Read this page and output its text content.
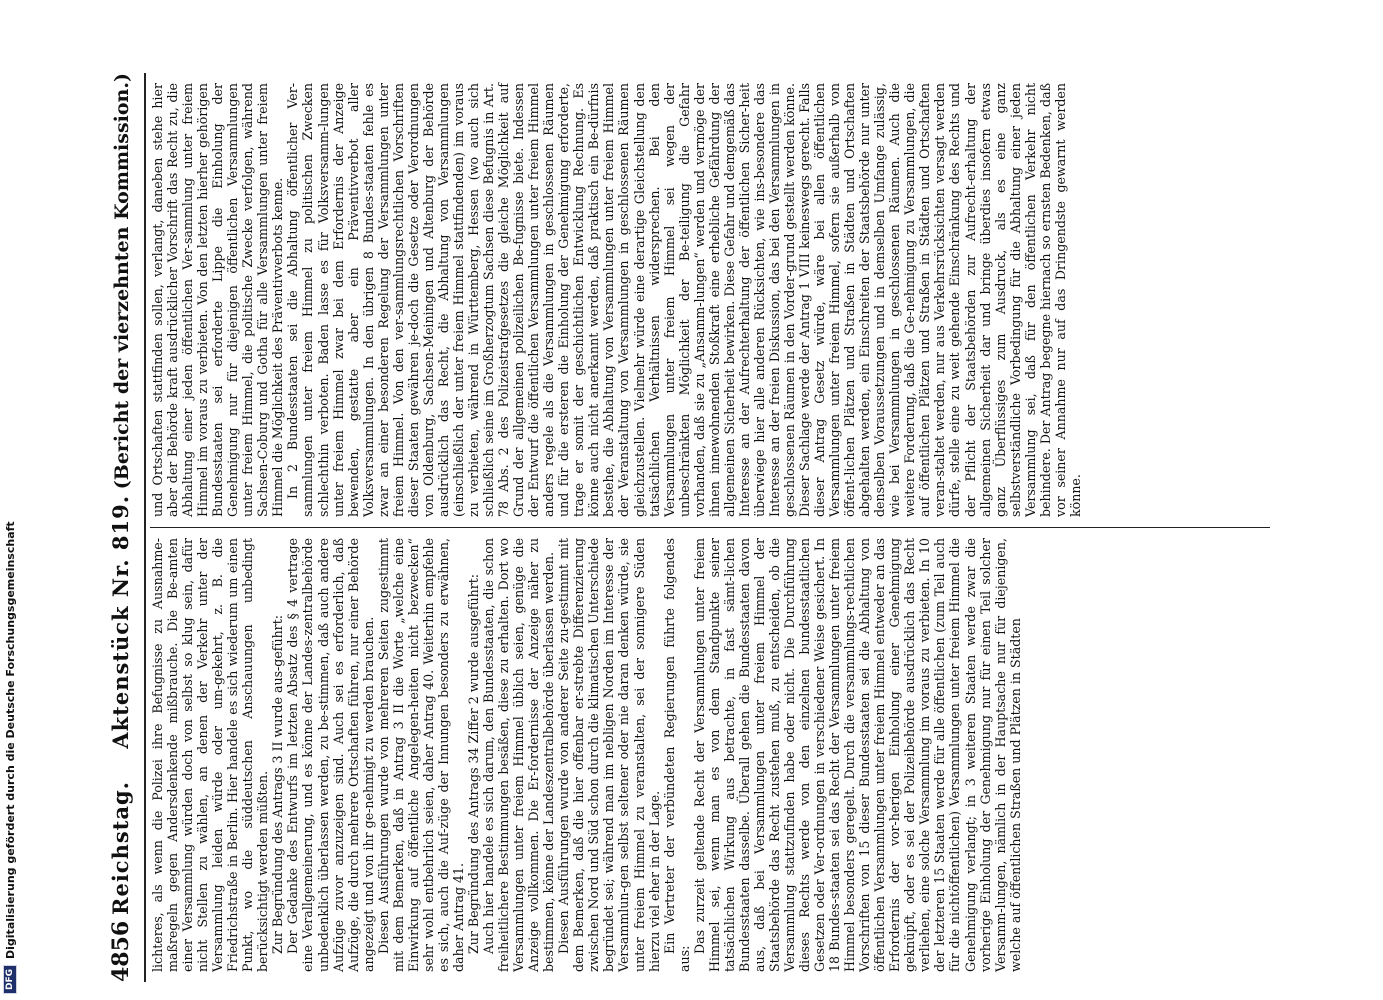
DFG
Digitalisierung gefördert durch die Deutsche Forschungsgemeinschaft	4856
Reichstag. Aktenstück Nr. 819.
(Bericht der vierzehnten Kommission.)

lichteres, als wenn die Polizei ihre Befugnisse zu Ausnahme-maßregeln gegen Andersdenkende mißbrauche. Die Be-amten einer Versammlung würden doch von selbst so klug sein, dafür nicht Stellen zu wählen, an denen der Verkehr unter der Versammlung leiden würde oder um-gekehrt, z. B. die Friedrichstraße in Berlin. Hier handele es sich wiederum um einen Punkt, wo die süddeutschen Anschauungen unbedingt berücksichtigt werden müßten. Zur Begründung des Antrags 3 II wurde aus-geführt: Der Gedanke des Entwurfs im letzten Absatz des § 4 vertrage eine Verallgemeinerung, und es könne der Landes-zentralbehörde unbedenklich überlassen werden, zu be-stimmen, daß auch andere Aufzüge zuvor anzuzeigen sind. Auch sei es erforderlich, daß Aufzüge, die durch mehrere Ortschaften führen, nur einer Behörde angezeigt und von ihr ge-nehmigt zu werden brauchen. Diesen Ausführungen wurde von mehreren Seiten zugestimmt mit dem Bemerken, daß in Antrag 3 II die Worte „welche eine Einwirkung auf öffentliche Angelegen-heiten nicht bezwecken“ sehr wohl entbehrlich seien, daher Antrag 40. Weiterhin empfehle es sich, auch die Auf-züge der Innungen besonders zu erwähnen, daher Antrag 41. Zur Begründung des Antrags 34 Ziffer 2 wurde ausgeführt: Auch hier handele es sich darum, den Bundesstaaten, die schon freiheitlichere Bestimmungen besäßen, diese zu erhalten. Dort wo Versammlungen unter freiem Himmel üblich seien, genüge die Anzeige vollkommen. Die Er-fordernisse der Anzeige näher zu bestimmen, könne der Landeszentralbehörde überlassen werden. Diesen Ausführungen wurde von anderer Seite zu-gestimmt mit dem Bemerken, daß die hier offenbar er-strebte Differenzierung zwischen Nord und Süd schon durch die klimatischen Unterschiede begründet sei; während man im nebligen Norden im Interesse der Versammlun-gen selbst seltener oder nie daran denken würde, sie unter freiem Himmel zu veranstalten, sei der sonnigere Süden hierzu viel eher in der Lage. Ein Vertreter der verbündeten Regierungen führte folgendes aus:

Das zurzeit geltende Recht der Versammlungen unter freiem Himmel sei, wenn man es von dem Standpunkte seiner tatsächlichen Wirkung aus betrachte, in fast sämt-lichen Bundesstaaten dasselbe. Überall gehen die Bundesstaaten davon aus, daß bei Versammlungen unter freiem Himmel der Staatsbehörde das Recht zustehen muß, zu entscheiden, ob die Versammlung stattzufinden habe oder nicht. Die Durchführung dieses Rechts werde von den einzelnen bundesstaatlichen Gesetzen oder Ver-ordnungen in verschiedener Weise gesichert. In 18 Bundes-staaten sei das Recht der Versammlungen unter freiem Himmel besonders geregelt. Durch die versammlungs-rechtlichen Vorschriften von 15 dieser Bundesstaaten sei die Abhaltung von öffentlichen Versammlungen unter freiem Himmel entweder an das Erfordernis der vor-herigen Einholung einer Genehmigung geknüpft, oder es sei der Polizeibehörde ausdrücklich das Recht verliehen, eine solche Versammlung im voraus zu verbieten. In 10 der letzteren 15 Staaten werde für alle öffentlichen (zum Teil auch für die nichtöffentlichen) Versammlungen unter freiem Himmel die Genehmigung verlangt; in 3 weiteren Staaten werde zwar die vorherige Einholung der Genehmigung nur für einen Teil solcher Versamm-lungen, nämlich in der Hauptsache nur für diejenigen, welche auf öffentlichen Straßen und Plätzen in Städten

und Ortschaften stattfinden sollen, verlangt, daneben stehe hier aber der Behörde kraft ausdrücklicher Vorschrift das Recht zu, die Abhaltung einer jeden öffentlichen Ver-sammlung unter freiem Himmel im voraus zu verbieten. Von den letzten hierher gehörigen Bundesstaaten sei erforderte Lippe die Einholung der Genehmigung nur für diejenigen öffentlichen Versammlungen unter freiem Himmel, die politische Zwecke verfolgen, während Sachsen-Coburg und Gotha für alle Versammlungen unter freiem Himmel die Möglichkeit des Präventivverbots kenne. In 2 Bundesstaaten sei die Abhaltung öffentlicher Ver-sammlungen unter freiem Himmel zu politischen Zwecken schlechthin verboten. Baden lasse es für Volksversamm-lungen unter freiem Himmel zwar bei dem Erfordernis der Anzeige bewenden, gestatte aber ein Präventivverbot aller Volksversammlungen. In den übrigen 8 Bundes-staaten fehle es zwar an einer besonderen Regelung der Versammlungen unter freiem Himmel. Von den ver-sammlungsrechtlichen Vorschriften dieser Staaten gewähren je-doch die Gesetze oder Verordnungen von Oldenburg, Sachsen-Meiningen und Altenburg der Behörde ausdrücklich das Recht, die Abhaltung von Versammlungen (einschließlich der unter freiem Himmel stattfindenden) im voraus zu verbieten, während in Württemberg, Hessen (wo auch sich schließlich seine im Großherzogtum Sachsen diese Befugnis in Art. 78 Abs. 2 des Polizeistrafgesetzes die gleiche Möglichkeit auf Grund der allgemeinen polizeilichen Be-fugnisse biete. Indessen der Entwurf die öffentlichen Versammlungen unter freiem Himmel anders regele als die Versammlungen in geschlossenen Räumen und für die ersteren die Einholung der Genehmigung erforderte, trage er somit der geschichtlichen Entwicklung Rechnung. Es könne auch nicht anerkannt werden, daß praktisch ein Be-dürfnis bestehe, die Abhaltung von Versammlungen unter freiem Himmel der Veranstaltung von Versammlungen in geschlossenen Räumen gleichzustellen. Vielmehr würde eine derartige Gleichstellung den tatsächlichen Verhältnissen widersprechen. Bei den Versammlungen unter freiem Himmel sei wegen der unbeschränkten Möglichkeit der Be-teiligung die Gefahr vorhanden, daß sie zu „Ansamm-lungen“ werden und vermöge der ihnen innewohnenden Stoßkraft eine erhebliche Gefährdung der allgemeinen Sicherheit bewirken. Diese Gefahr und demgemäß das Interesse an der Aufrechterhaltung der öffentlichen Sicher-heit überwiege hier alle anderen Rücksichten, wie ins-besondere das Interesse an der freien Diskussion, das bei den Versammlungen in geschlossenen Räumen in den Vorder-grund gestellt werden könne. Dieser Sachlage werde der Antrag 1 VIII keineswegs gerecht. Falls dieser Antrag Gesetz würde, wäre bei allen öffentlichen Versammlungen unter freiem Himmel, sofern sie außerhalb von öffent-lichen Plätzen und Straßen in Städten und Ortschaften abgehalten werden, ein Einschreiten der Staatsbehörde nur unter denselben Voraussetzungen und in demselben Umfange zulässig, wie bei Versammlungen in geschlossenen Räumen. Auch die weitere Forderung, daß die Ge-nehmigung zu Versammlungen, die auf öffentlichen Plätzen und Straßen in Städten und Ortschaften veran-staltet werden, nur aus Verkehrsrücksichten versagt werden dürfe, stelle eine zu weit gehende Einschränkung des Rechts und der Pflicht der Staatsbehörden zur Aufrecht-erhaltung der allgemeinen Sicherheit dar und bringe überdies insofern etwas ganz Überflüssiges zum Ausdruck, als es eine ganz selbstverständliche Vorbedingung für die Abhaltung einer jeden Versammlung sei, daß für den öffentlichen Verkehr nicht behindere. Der Antrag begegne hiernach so ernsten Bedenken, daß vor seiner Annahme nur auf das Dringendste gewarnt werden könne.
